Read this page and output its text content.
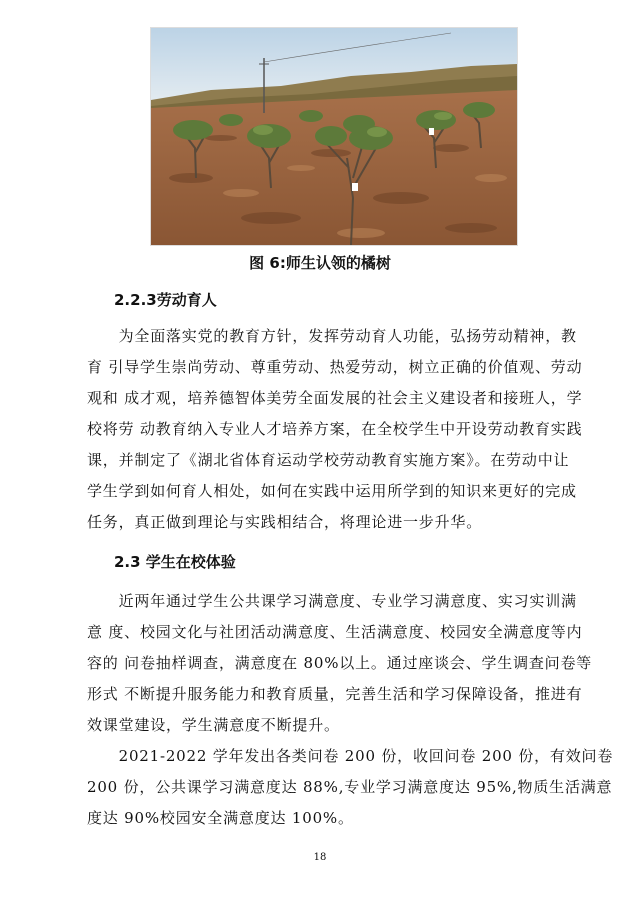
图 6:师生认领的橘树
2.2.3劳动育人
　　为全面落实党的教育方针，发挥劳动育人功能，弘扬劳动精神，教
育 引导学生崇尚劳动、尊重劳动、热爱劳动，树立正确的价值观、劳动
观和 成才观，培养德智体美劳全面发展的社会主义建设者和接班人，学
校将劳 动教育纳入专业人才培养方案，在全校学生中开设劳动教育实践
课，并制定了《湖北省体育运动学校劳动教育实施方案》。在劳动中让
学生学到如何育人相处，如何在实践中运用所学到的知识来更好的完成
任务，真正做到理论与实践相结合，将理论进一步升华。
2.3 学生在校体验
　　近两年通过学生公共课学习满意度、专业学习满意度、实习实训满
意 度、校园文化与社团活动满意度、生活满意度、校园安全满意度等内
容的 问卷抽样调查，满意度在 80%以上。通过座谈会、学生调查问卷等
形式 不断提升服务能力和教育质量，完善生活和学习保障设备，推进有
效课堂建设，学生满意度不断提升。
　　2021-2022 学年发出各类问卷 200 份，收回问卷 200 份，有效问卷
200 份，公共课学习满意度达 88%,专业学习满意度达 95%,物质生活满意
度达 90%校园安全满意度达 100%。
18
